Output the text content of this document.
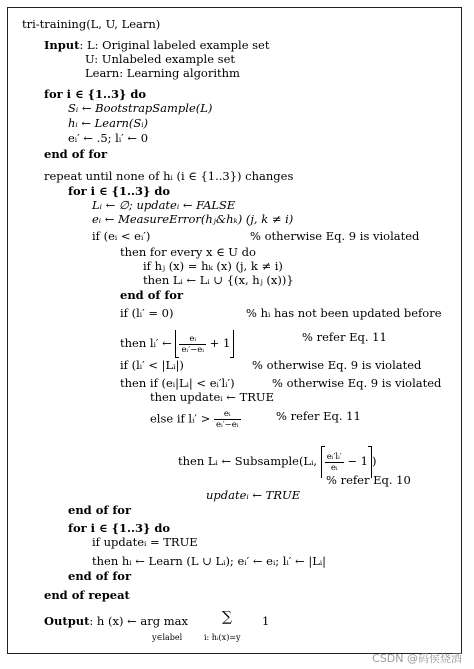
tri-training(L, U, Learn)
Input: L: Original labeled example set
U: Unlabeled example set
Learn: Learning algorithm
for i ∈ {1..3} do
Sᵢ ← BootstrapSample(L)
hᵢ ← Learn(Sᵢ)
eᵢ′ ← .5; lᵢ′ ← 0
end of for
repeat until none of hᵢ (i ∈ {1..3}) changes
for i ∈ {1..3} do
Lᵢ ← ∅; updateᵢ ← FALSE
eᵢ ← MeasureError(hⱼ&hₖ) (j, k ≠ i)
if (eᵢ < eᵢ′)	% otherwise Eq. 9 is violated
then for every x ∈ U do
if hⱼ (x) = hₖ (x) (j, k ≠ i)
then Lᵢ ← Lᵢ ∪ {(x, hⱼ (x))}
end of for
if (lᵢ′ = 0)	% hᵢ has not been updated before
then lᵢ′ ← $\frac{\text{eᵢ}}{\text{eᵢ′−eᵢ}} + 1$	% refer Eq. 11
if (lᵢ′ < |Lᵢ|)	% otherwise Eq. 9 is violated
then if (eᵢ|Lᵢ| < eᵢ′lᵢ′)	% otherwise Eq. 9 is violated
then updateᵢ ← TRUE
else if lᵢ′ > $\frac{\text{eᵢ}}{\text{eᵢ′−eᵢ}}$	% refer Eq. 11
then Lᵢ ← Subsample(Lᵢ, $\frac{\text{eᵢ′lᵢ′}}{\text{eᵢ}} - 1$ )
% refer Eq. 10
updateᵢ ← TRUE
end of for
for i ∈ {1..3} do
if updateᵢ = TRUE
then hᵢ ← Learn (L ∪ Lᵢ); eᵢ′ ← eᵢ; lᵢ′ ← |Lᵢ|
end of for
end of repeat
Output: h (x) ← arg max
y∈label
∑
i: hᵢ(x)=y
1
CSDN @码侯烧酒
